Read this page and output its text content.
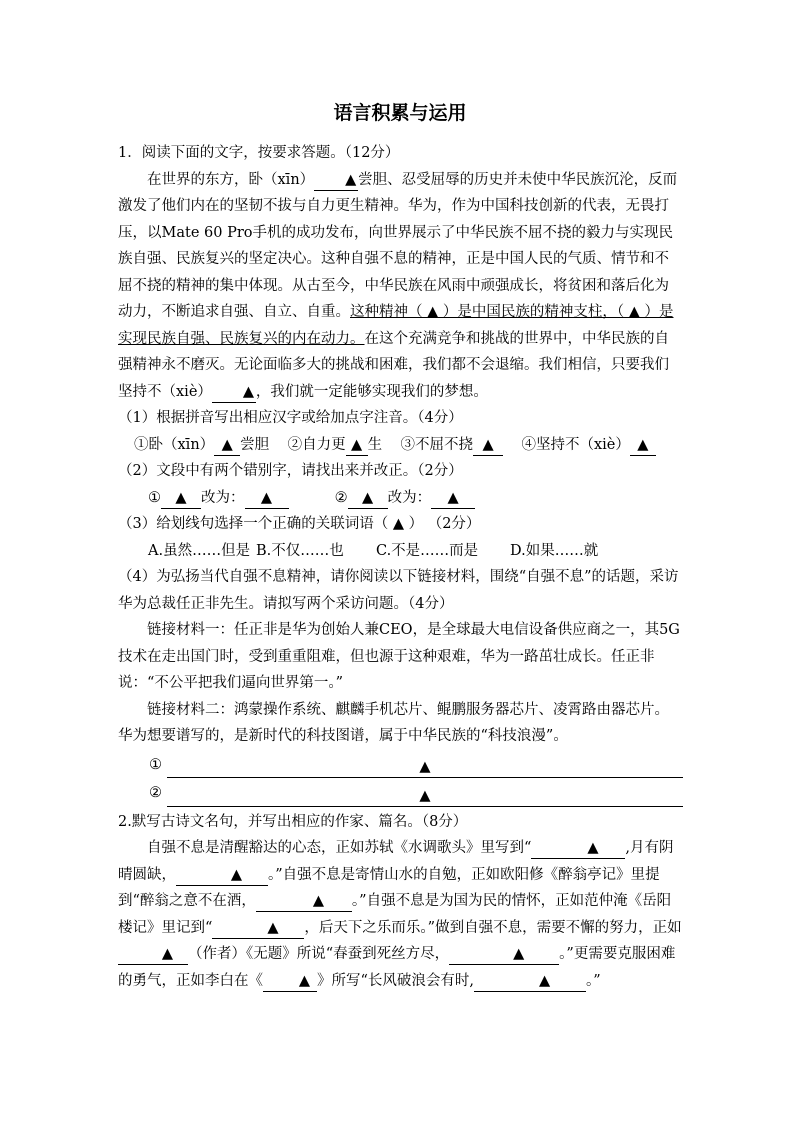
语言积累与运用

1．阅读下面的文字，按要求答题。（12分）

在世界的东方，卧（xīn） ▲ 尝胆、忍受屈辱的历史并未使中华民族沉沦，反而激发了他们内在的坚韧不拔与自力更生精神。华为，作为中国科技创新的代表，无畏打压，以Mate 60 Pro手机的成功发布，向世界展示了中华民族不屈不挠的毅力与实现民族自强、民族复兴的坚定决心。这种自强不息的精神，正是中国人民的气质、情节和不屈不挠的精神的集中体现。从古至今，中华民族在风雨中顽强成长，将贫困和落后化为动力，不断追求自强、自立、自重。这种精神（ ▲ ）是中国民族的精神支柱，（ ▲ ）是实现民族自强、民族复兴的内在动力。在这个充满竞争和挑战的世界中，中华民族的自强精神永不磨灭。无论面临多大的挑战和困难，我们都不会退缩。我们相信，只要我们坚持不（xiè） ▲ ，我们就一定能够实现我们的梦想。

（1）根据拼音写出相应汉字或给加点字注音。（4分）

①卧（xīn） ▲ 尝胆 ②自力更 ▲ 生 ③不屈不挠 ▲ ④坚持不（xiè） ▲

（2）文段中有两个错别字，请找出来并改正。（2分）

① ▲ 改为： ▲	② ▲ 改为： ▲

（3）给划线句选择一个正确的关联词语（ ▲ ） （2分）

A.虽然……但是 B.不仅……也 C.不是……而是 D.如果……就

（4）为弘扬当代自强不息精神，请你阅读以下链接材料，围绕“自强不息”的话题，采访华为总裁任正非先生。请拟写两个采访问题。（4分）

链接材料一：任正非是华为创始人兼CEO，是全球最大电信设备供应商之一，其5G技术在走出国门时，受到重重阻难，但也源于这种艰难，华为一路茁壮成长。任正非说：“不公平把我们逼向世界第一。”

链接材料二：鸿蒙操作系统、麒麟手机芯片、鲲鹏服务器芯片、凌霄路由器芯片。华为想要谱写的，是新时代的科技图谱，属于中华民族的“科技浪漫”。

①	▲
②	▲

2.默写古诗文名句，并写出相应的作家、篇名。（8分）

自强不息是清醒豁达的心态，正如苏轼《水调歌头》里写到“	▲ ,月有阴晴圆缺，	▲ 。”自强不息是寄情山水的自勉，正如欧阳修《醉翁亭记》里提到“醉翁之意不在酒，	▲ 。”自强不息是为国为民的情怀，正如范仲淹《岳阳楼记》里记到“	▲ ，后天下之乐而乐。”做到自强不息，需要不懈的努力，正如▲ （作者）《无题》所说“春蚕到死丝方尽，	▲ 。”更需要克服困难的勇气，正如李白在《 ▲ 》所写“长风破浪会有时,	▲ 。”
